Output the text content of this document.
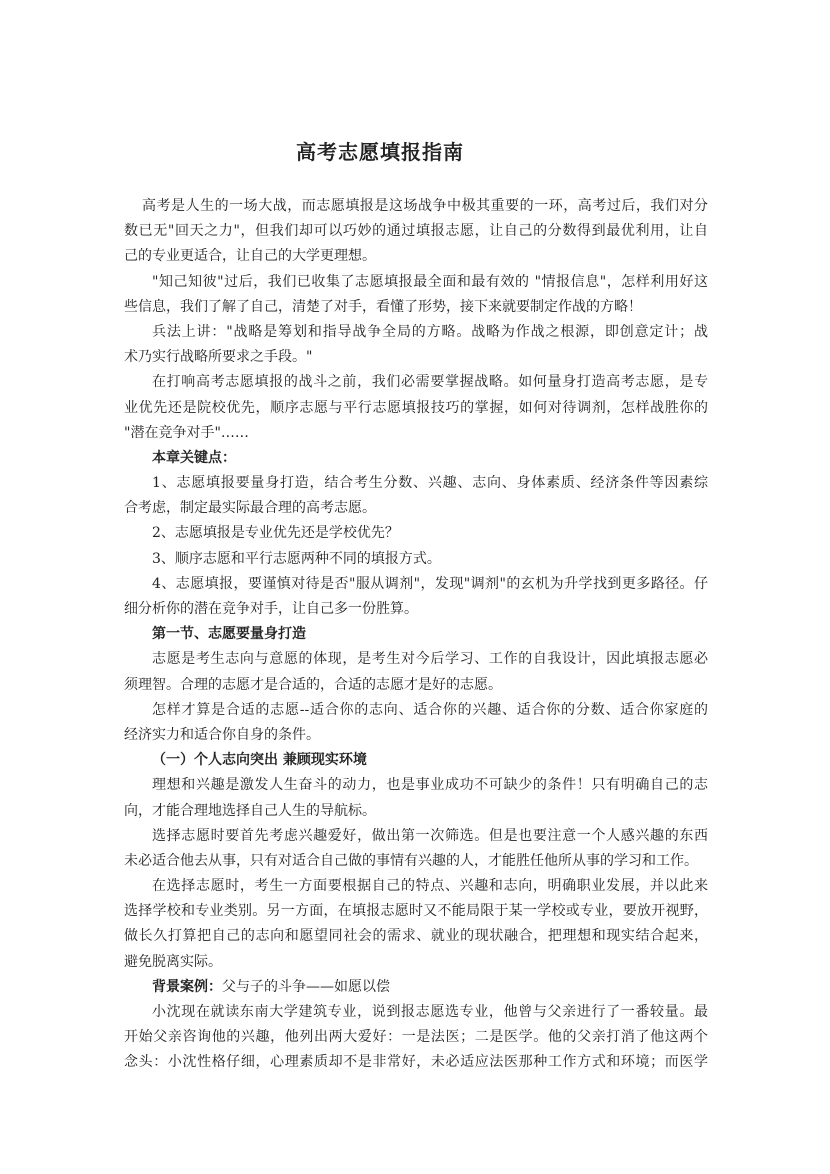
高考志愿填报指南
高考是人生的一场大战，而志愿填报是这场战争中极其重要的一环，高考过后，我们对分
数已无"回天之力"，但我们却可以巧妙的通过填报志愿，让自己的分数得到最优利用，让自
己的专业更适合，让自己的大学更理想。
"知己知彼"过后，我们已收集了志愿填报最全面和最有效的 "情报信息"，怎样利用好这
些信息，我们了解了自己，清楚了对手，看懂了形势，接下来就要制定作战的方略！
兵法上讲："战略是筹划和指导战争全局的方略。战略为作战之根源，即创意定计；战
术乃实行战略所要求之手段。"
在打响高考志愿填报的战斗之前，我们必需要掌握战略。如何量身打造高考志愿，是专
业优先还是院校优先，顺序志愿与平行志愿填报技巧的掌握，如何对待调剂，怎样战胜你的
"潜在竞争对手"……
本章关键点：
1、志愿填报要量身打造，结合考生分数、兴趣、志向、身体素质、经济条件等因素综
合考虑，制定最实际最合理的高考志愿。
2、志愿填报是专业优先还是学校优先？
3、顺序志愿和平行志愿两种不同的填报方式。
4、志愿填报，要谨慎对待是否"服从调剂"，发现"调剂"的玄机为升学找到更多路径。仔
细分析你的潜在竞争对手，让自己多一份胜算。
第一节、志愿要量身打造
志愿是考生志向与意愿的体现，是考生对今后学习、工作的自我设计，因此填报志愿必
须理智。合理的志愿才是合适的，合适的志愿才是好的志愿。
怎样才算是合适的志愿--适合你的志向、适合你的兴趣、适合你的分数、适合你家庭的
经济实力和适合你自身的条件。
（一）个人志向突出 兼顾现实环境
理想和兴趣是激发人生奋斗的动力，也是事业成功不可缺少的条件！只有明确自己的志
向，才能合理地选择自己人生的导航标。
选择志愿时要首先考虑兴趣爱好，做出第一次筛选。但是也要注意一个人感兴趣的东西
未必适合他去从事，只有对适合自己做的事情有兴趣的人，才能胜任他所从事的学习和工作。
在选择志愿时，考生一方面要根据自己的特点、兴趣和志向，明确职业发展，并以此来
选择学校和专业类别。另一方面，在填报志愿时又不能局限于某一学校或专业，要放开视野，
做长久打算把自己的志向和愿望同社会的需求、就业的现状融合，把理想和现实结合起来，
避免脱离实际。
背景案例：父与子的斗争——如愿以偿
小沈现在就读东南大学建筑专业，说到报志愿选专业，他曾与父亲进行了一番较量。最
开始父亲咨询他的兴趣，他列出两大爱好：一是法医；二是医学。他的父亲打消了他这两个
念头：小沈性格仔细，心理素质却不是非常好，未必适应法医那种工作方式和环境；而医学
